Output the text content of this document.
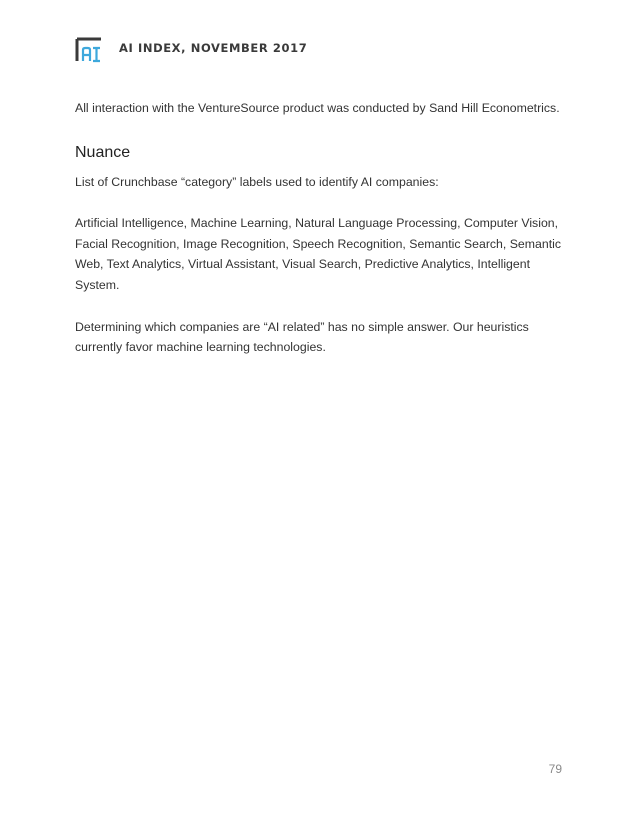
AI INDEX, NOVEMBER 2017

All interaction with the VentureSource product was conducted by Sand Hill Econometrics.

Nuance

List of Crunchbase “category” labels used to identify AI companies:

Artificial Intelligence, Machine Learning, Natural Language Processing, Computer Vision, Facial Recognition, Image Recognition, Speech Recognition, Semantic Search, Semantic Web, Text Analytics, Virtual Assistant, Visual Search, Predictive Analytics, Intelligent System.

Determining which companies are “AI related” has no simple answer. Our heuristics currently favor machine learning technologies.

79
